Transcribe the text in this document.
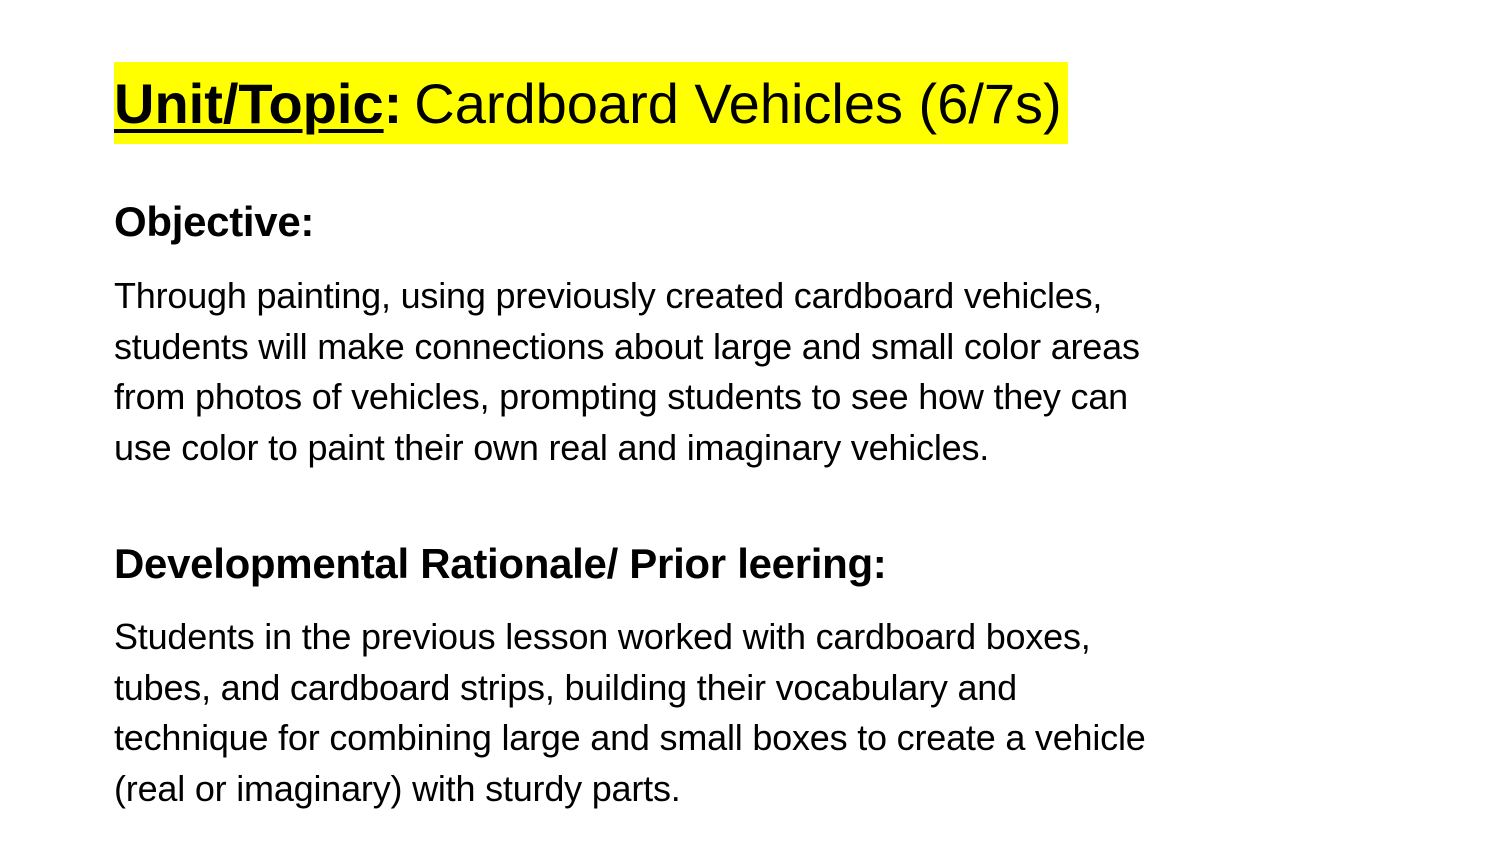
Unit/Topic : Cardboard Vehicles (6/7s)
Objective:
Through painting, using previously created cardboard vehicles,
students will make connections about large and small color areas
from photos of vehicles, prompting students to see how they can
use color to paint their own real and imaginary vehicles.
Developmental Rationale/ Prior leering:
Students in the previous lesson worked with cardboard boxes,
tubes, and cardboard strips, building their vocabulary and
technique for combining large and small boxes to create a vehicle
(real or imaginary) with sturdy parts.
